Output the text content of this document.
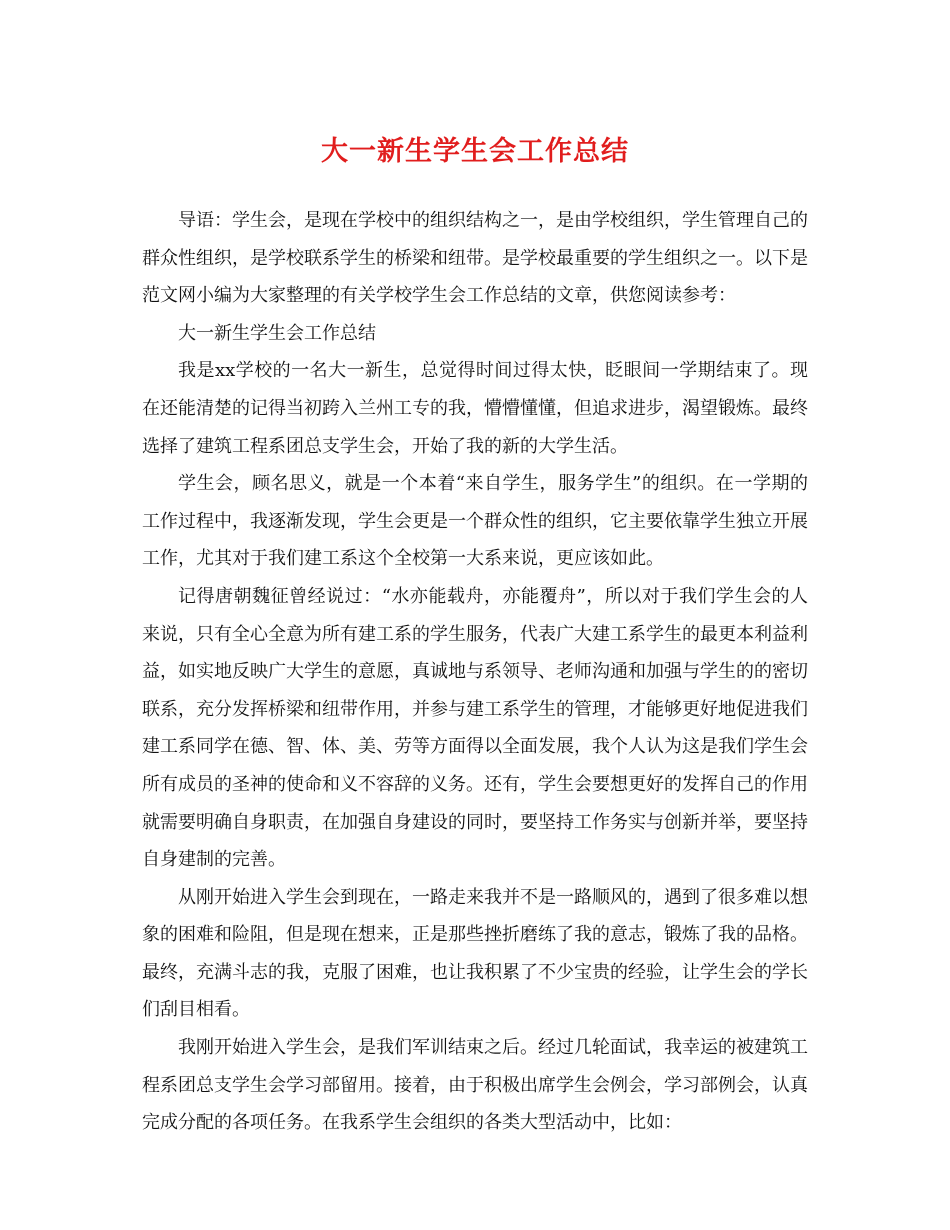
大一新生学生会工作总结

导语：学生会，是现在学校中的组织结构之一，是由学校组织，学生管理自己的群众性组织，是学校联系学生的桥梁和纽带。是学校最重要的学生组织之一。以下是范文网小编为大家整理的有关学校学生会工作总结的文章，供您阅读参考：

大一新生学生会工作总结

我是xx学校的一名大一新生，总觉得时间过得太快，眨眼间一学期结束了。现在还能清楚的记得当初跨入兰州工专的我，懵懵懂懂，但追求进步，渴望锻炼。最终选择了建筑工程系团总支学生会，开始了我的新的大学生活。

学生会，顾名思义，就是一个本着“来自学生，服务学生”的组织。在一学期的工作过程中，我逐渐发现，学生会更是一个群众性的组织，它主要依靠学生独立开展工作，尤其对于我们建工系这个全校第一大系来说，更应该如此。

记得唐朝魏征曾经说过：“水亦能载舟，亦能覆舟”，所以对于我们学生会的人来说，只有全心全意为所有建工系的学生服务，代表广大建工系学生的最更本利益利益，如实地反映广大学生的意愿，真诚地与系领导、老师沟通和加强与学生的的密切联系，充分发挥桥梁和纽带作用，并参与建工系学生的管理，才能够更好地促进我们建工系同学在德、智、体、美、劳等方面得以全面发展，我个人认为这是我们学生会所有成员的圣神的使命和义不容辞的义务。还有，学生会要想更好的发挥自己的作用就需要明确自身职责，在加强自身建设的同时，要坚持工作务实与创新并举，要坚持自身建制的完善。

从刚开始进入学生会到现在，一路走来我并不是一路顺风的，遇到了很多难以想象的困难和险阻，但是现在想来，正是那些挫折磨练了我的意志，锻炼了我的品格。最终，充满斗志的我，克服了困难，也让我积累了不少宝贵的经验，让学生会的学长们刮目相看。

我刚开始进入学生会，是我们军训结束之后。经过几轮面试，我幸运的被建筑工程系团总支学生会学习部留用。接着，由于积极出席学生会例会，学习部例会，认真完成分配的各项任务。在我系学生会组织的各类大型活动中，比如：
